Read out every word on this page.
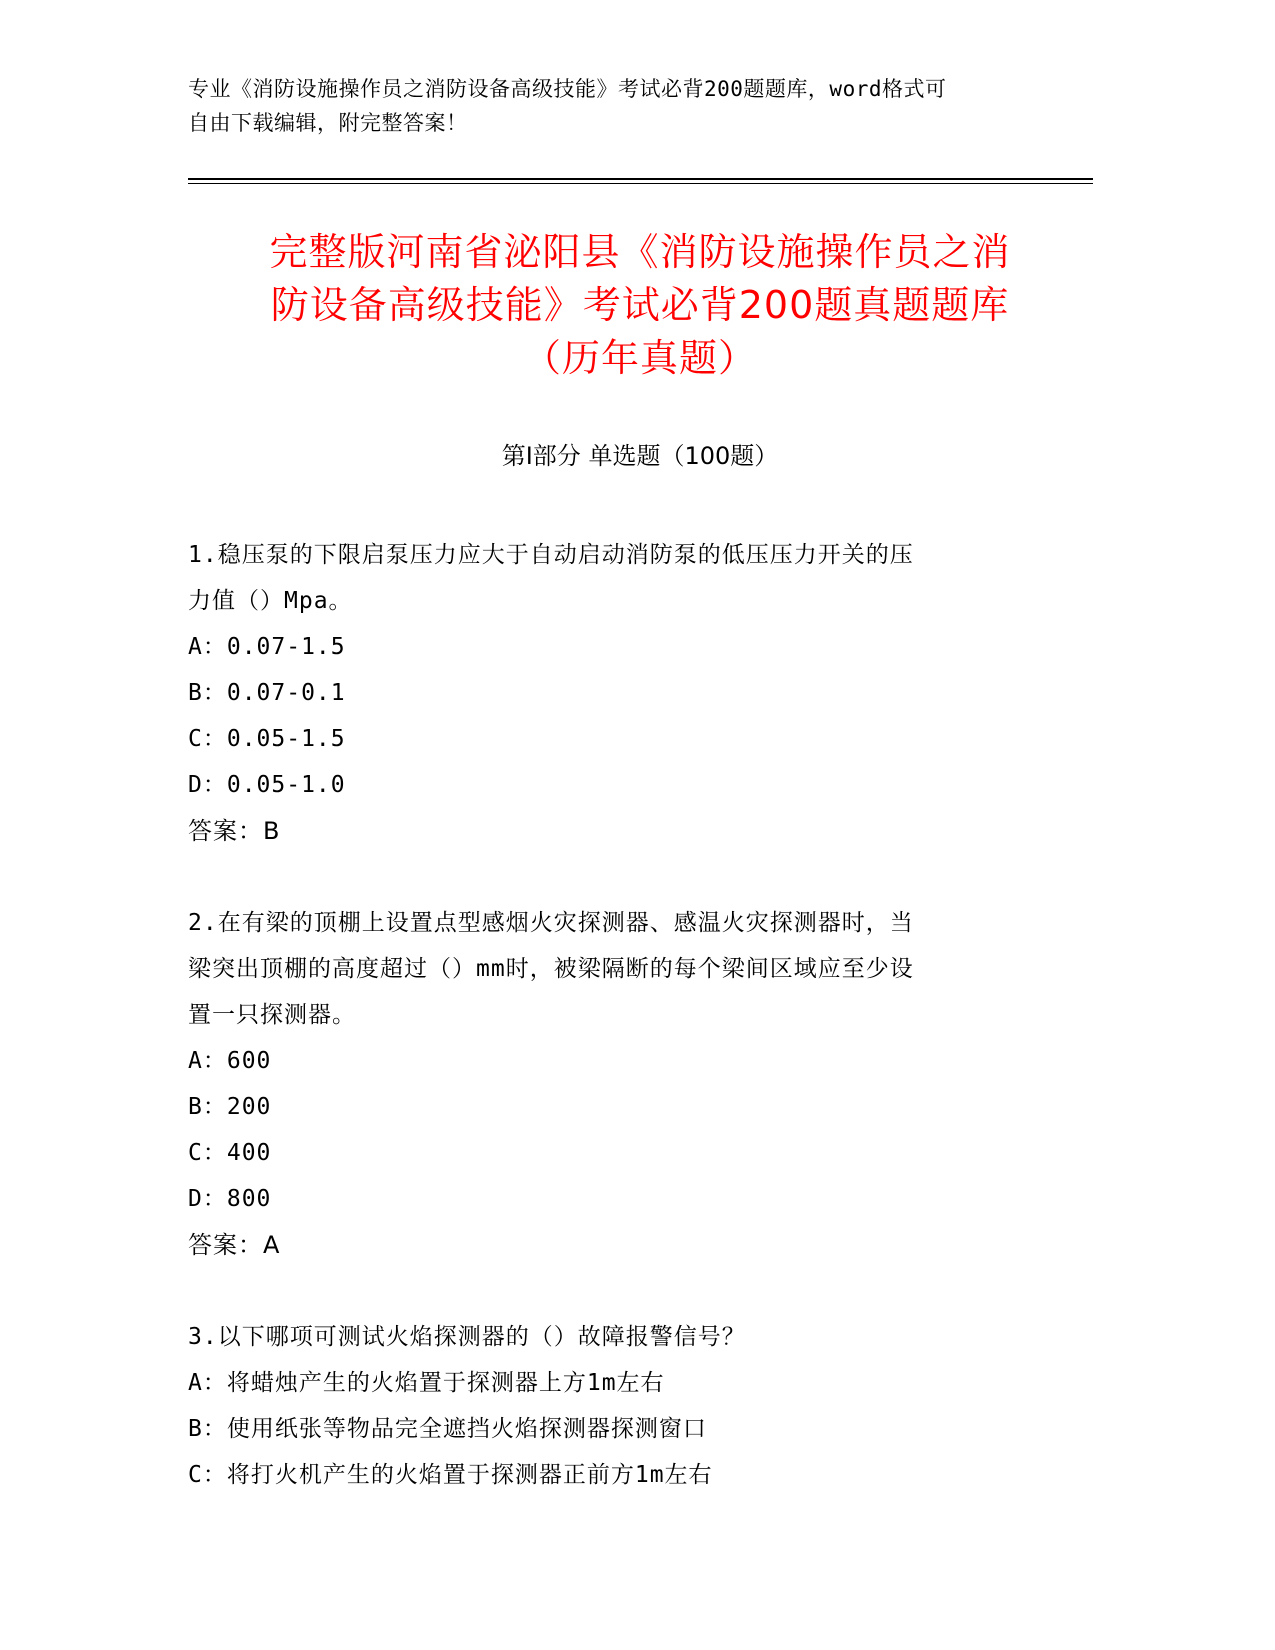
专业《消防设施操作员之消防设备高级技能》考试必背200题题库，word格式可
自由下载编辑，附完整答案！
完整版河南省泌阳县《消防设施操作员之消
防设备高级技能》考试必背200题真题题库
（历年真题）
第Ⅰ部分 单选题（100题）

1.稳压泵的下限启泵压力应大于自动启动消防泵的低压压力开关的压

力值（）Mpa。

A：0.07-1.5

B：0.07-0.1

C：0.05-1.5

D：0.05-1.0

答案：B

2.在有梁的顶棚上设置点型感烟火灾探测器、感温火灾探测器时，当

梁突出顶棚的高度超过（）mm时，被梁隔断的每个梁间区域应至少设

置一只探测器。

A：600

B：200

C：400

D：800

答案：A

3.以下哪项可测试火焰探测器的（）故障报警信号？

A：将蜡烛产生的火焰置于探测器上方1m左右

B：使用纸张等物品完全遮挡火焰探测器探测窗口

C：将打火机产生的火焰置于探测器正前方1m左右
